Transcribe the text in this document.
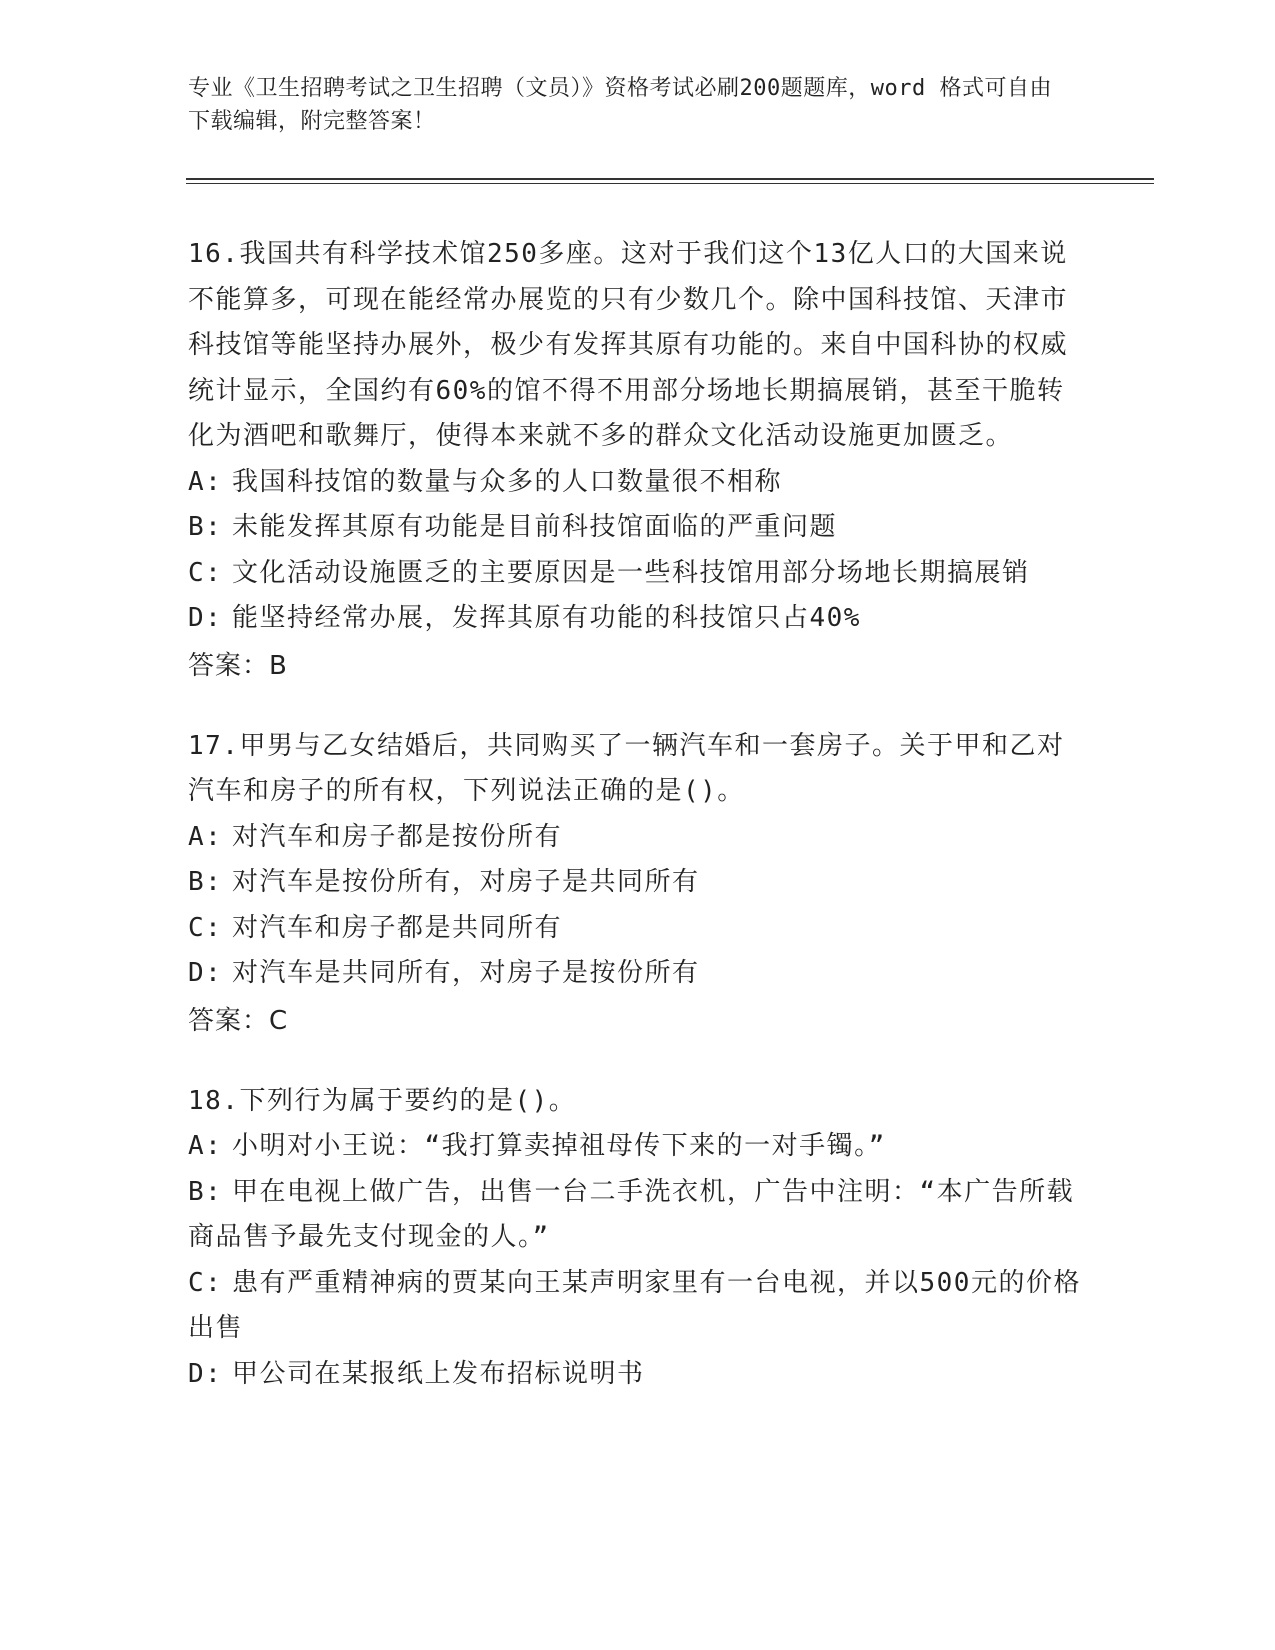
专业《卫生招聘考试之卫生招聘（文员）》资格考试必刷200题题库，word 格式可自由下载编辑，附完整答案！

16.我国共有科学技术馆250多座。这对于我们这个13亿人口的大国来说不能算多，可现在能经常办展览的只有少数几个。除中国科技馆、天津市科技馆等能坚持办展外，极少有发挥其原有功能的。来自中国科协的权威统计显示，全国约有60%的馆不得不用部分场地长期搞展销，甚至干脆转化为酒吧和歌舞厅，使得本来就不多的群众文化活动设施更加匮乏。

A: 我国科技馆的数量与众多的人口数量很不相称

B: 未能发挥其原有功能是目前科技馆面临的严重问题

C: 文化活动设施匮乏的主要原因是一些科技馆用部分场地长期搞展销

D: 能坚持经常办展，发挥其原有功能的科技馆只占40%

答案：B

17.甲男与乙女结婚后，共同购买了一辆汽车和一套房子。关于甲和乙对汽车和房子的所有权，下列说法正确的是()。

A: 对汽车和房子都是按份所有

B: 对汽车是按份所有，对房子是共同所有

C: 对汽车和房子都是共同所有

D: 对汽车是共同所有，对房子是按份所有

答案：C

18.下列行为属于要约的是()。

A: 小明对小王说：“我打算卖掉祖母传下来的一对手镯。”

B: 甲在电视上做广告，出售一台二手洗衣机，广告中注明：“本广告所载商品售予最先支付现金的人。”

C: 患有严重精神病的贾某向王某声明家里有一台电视，并以500元的价格出售

D: 甲公司在某报纸上发布招标说明书
